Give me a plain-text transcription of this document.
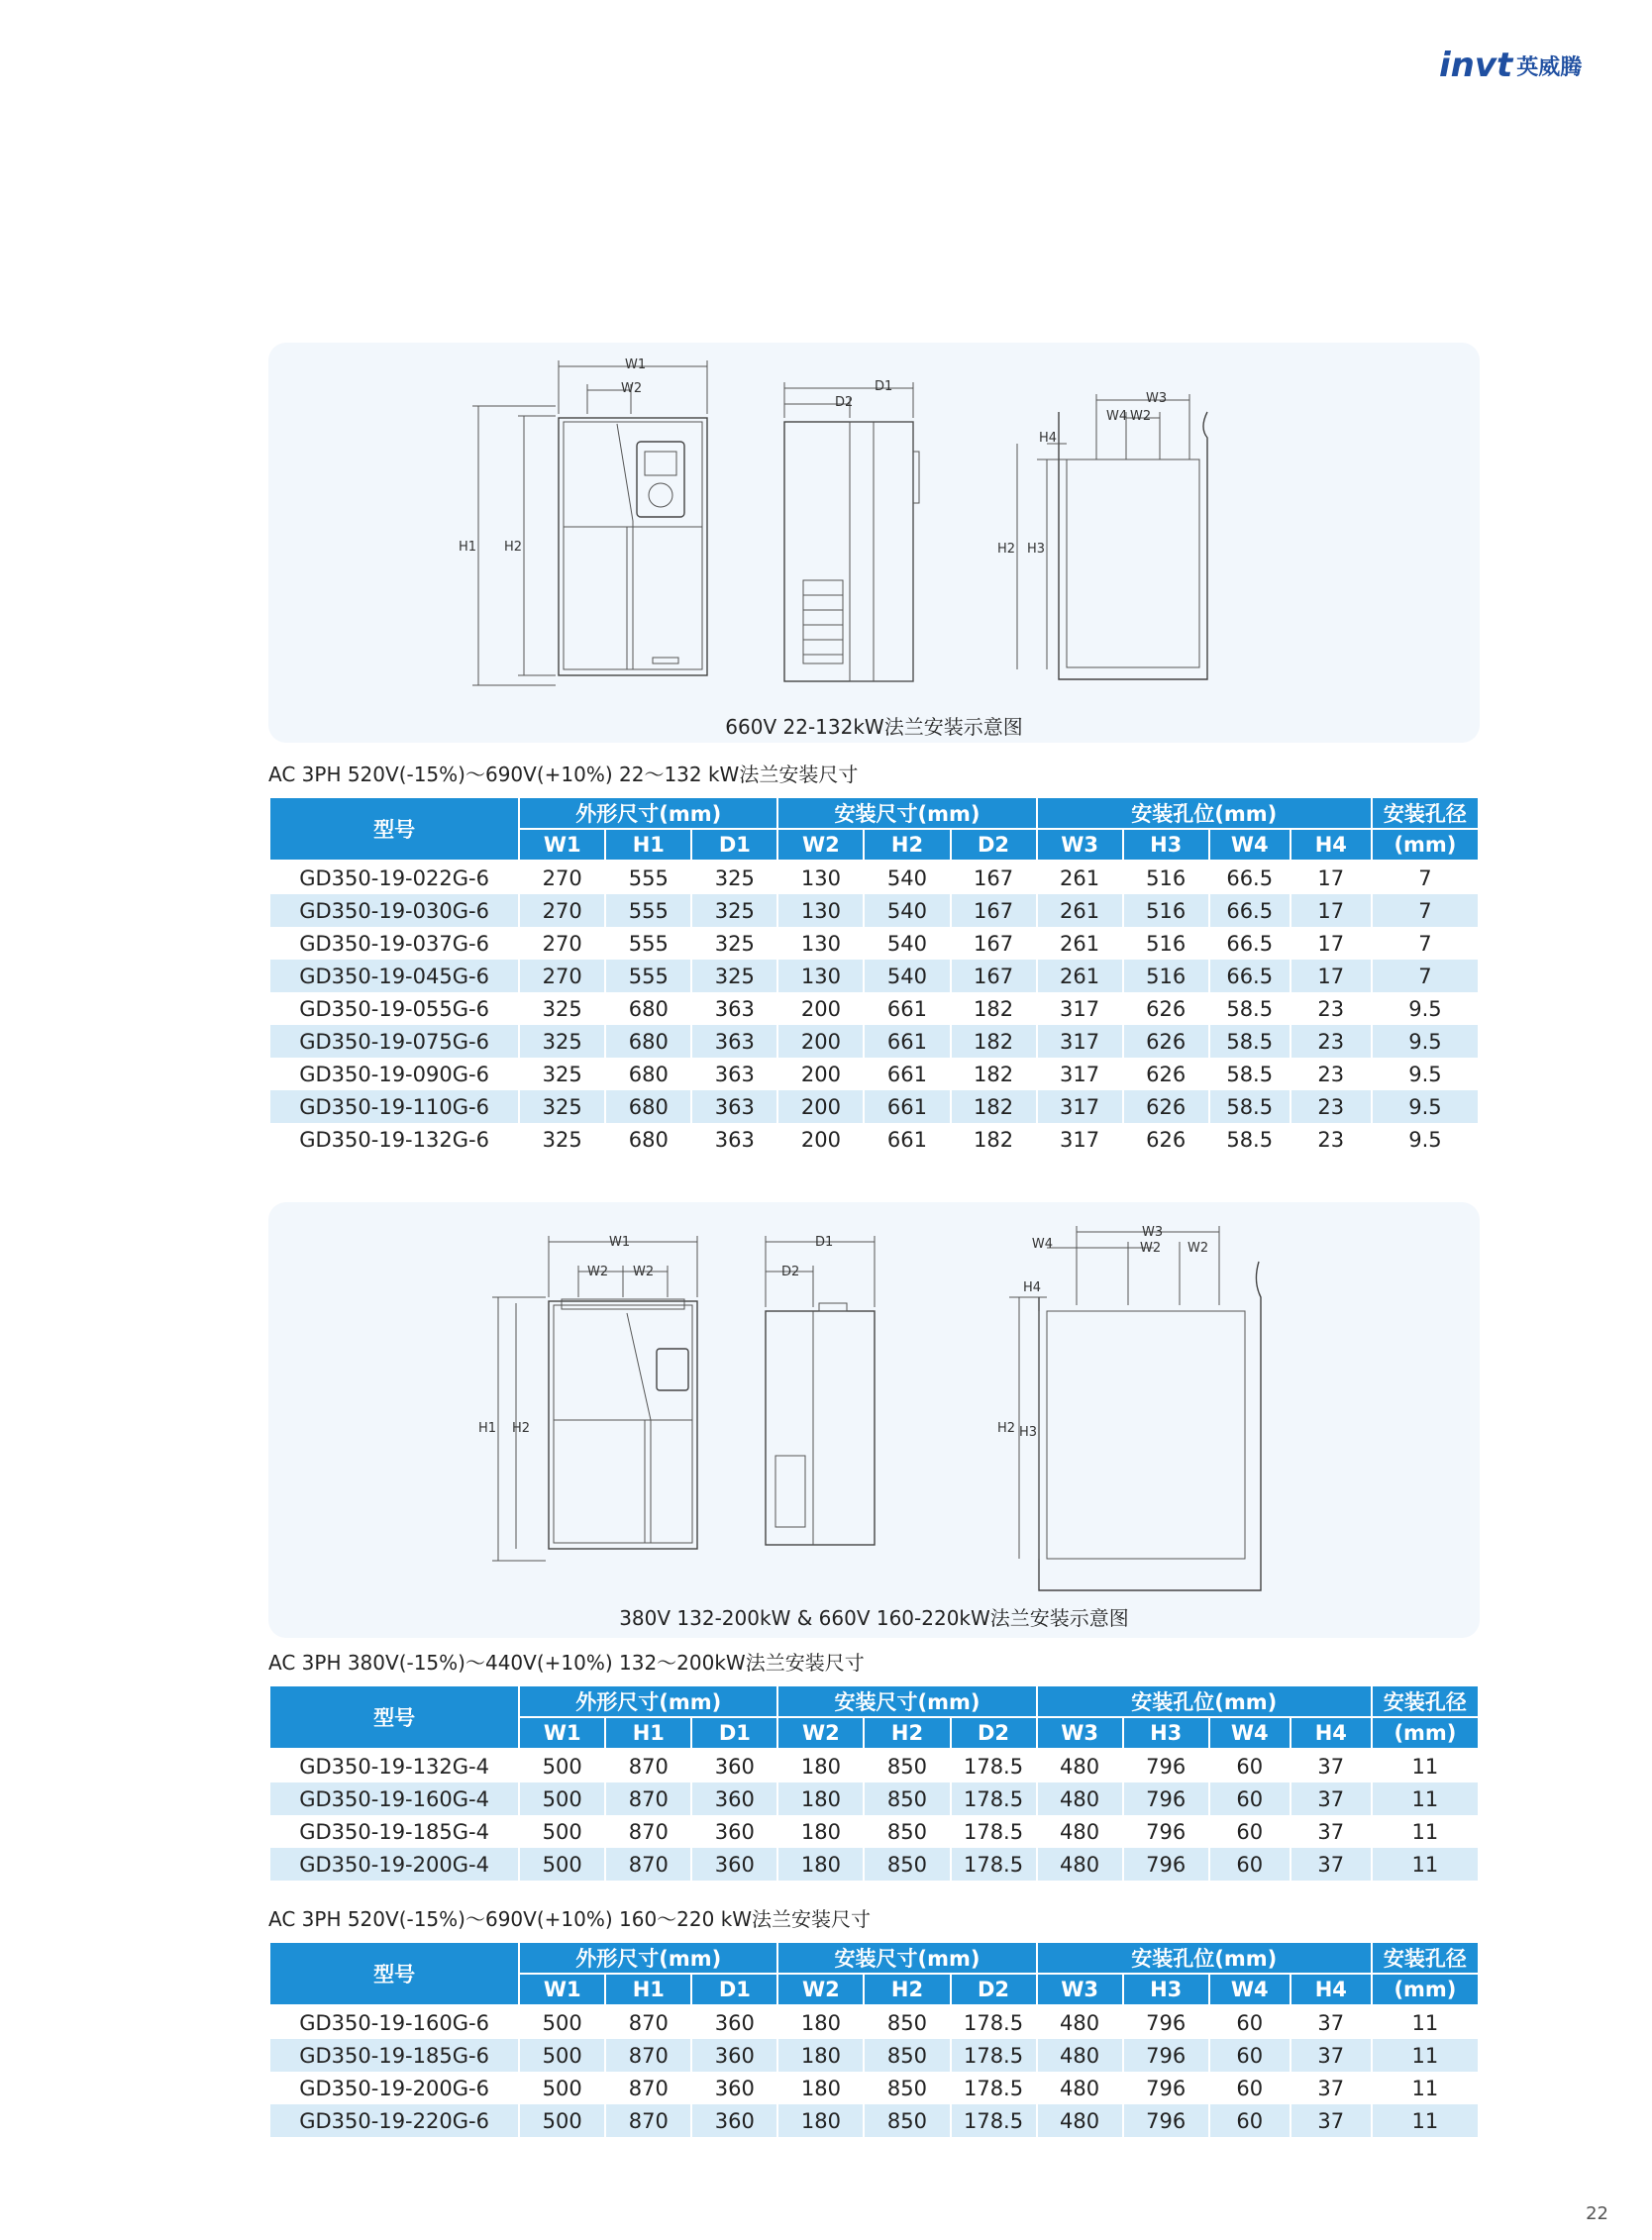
invt 英威腾
W1
W2
H1 H2
D1
D2	W3
W4 W2
H4
H2 H3
660V 22-132kW法兰安装示意图
AC 3PH 520V(-15%)～690V(+10%) 22～132 kW法兰安装尺寸
型号	外形尺寸(mm)			安装尺寸(mm)			安装孔位(mm)				安装孔径
	W1	H1	D1	W2	H2	D2	W3	H3	W4	H4	(mm)
GD350-19-022G-6	270	555	325	130	540	167	261	516	66.5	17	7
GD350-19-030G-6	270	555	325	130	540	167	261	516	66.5	17	7
GD350-19-037G-6	270	555	325	130	540	167	261	516	66.5	17	7
GD350-19-045G-6	270	555	325	130	540	167	261	516	66.5	17	7
GD350-19-055G-6	325	680	363	200	661	182	317	626	58.5	23	9.5
GD350-19-075G-6	325	680	363	200	661	182	317	626	58.5	23	9.5
GD350-19-090G-6	325	680	363	200	661	182	317	626	58.5	23	9.5
GD350-19-110G-6	325	680	363	200	661	182	317	626	58.5	23	9.5
GD350-19-132G-6	325	680	363	200	661	182	317	626	58.5	23	9.5
W1
W2 W2
H1 H2
D1
D2
W3
W4	W2 W2
H4
H2 H3
380V 132-200kW & 660V 160-220kW法兰安装示意图
AC 3PH 380V(-15%)～440V(+10%) 132～200kW法兰安装尺寸
型号	外形尺寸(mm)			安装尺寸(mm)			安装孔位(mm)				安装孔径
	W1	H1	D1	W2	H2	D2	W3	H3	W4	H4	(mm)
GD350-19-132G-4	500	870	360	180	850	178.5	480	796	60	37	11
GD350-19-160G-4	500	870	360	180	850	178.5	480	796	60	37	11
GD350-19-185G-4	500	870	360	180	850	178.5	480	796	60	37	11
GD350-19-200G-4	500	870	360	180	850	178.5	480	796	60	37	11
AC 3PH 520V(-15%)～690V(+10%) 160～220 kW法兰安装尺寸
型号	外形尺寸(mm)			安装尺寸(mm)			安装孔位(mm)				安装孔径
	W1	H1	D1	W2	H2	D2	W3	H3	W4	H4	(mm)
GD350-19-160G-6	500	870	360	180	850	178.5	480	796	60	37	11
GD350-19-185G-6	500	870	360	180	850	178.5	480	796	60	37	11
GD350-19-200G-6	500	870	360	180	850	178.5	480	796	60	37	11
GD350-19-220G-6	500	870	360	180	850	178.5	480	796	60	37	11
22
